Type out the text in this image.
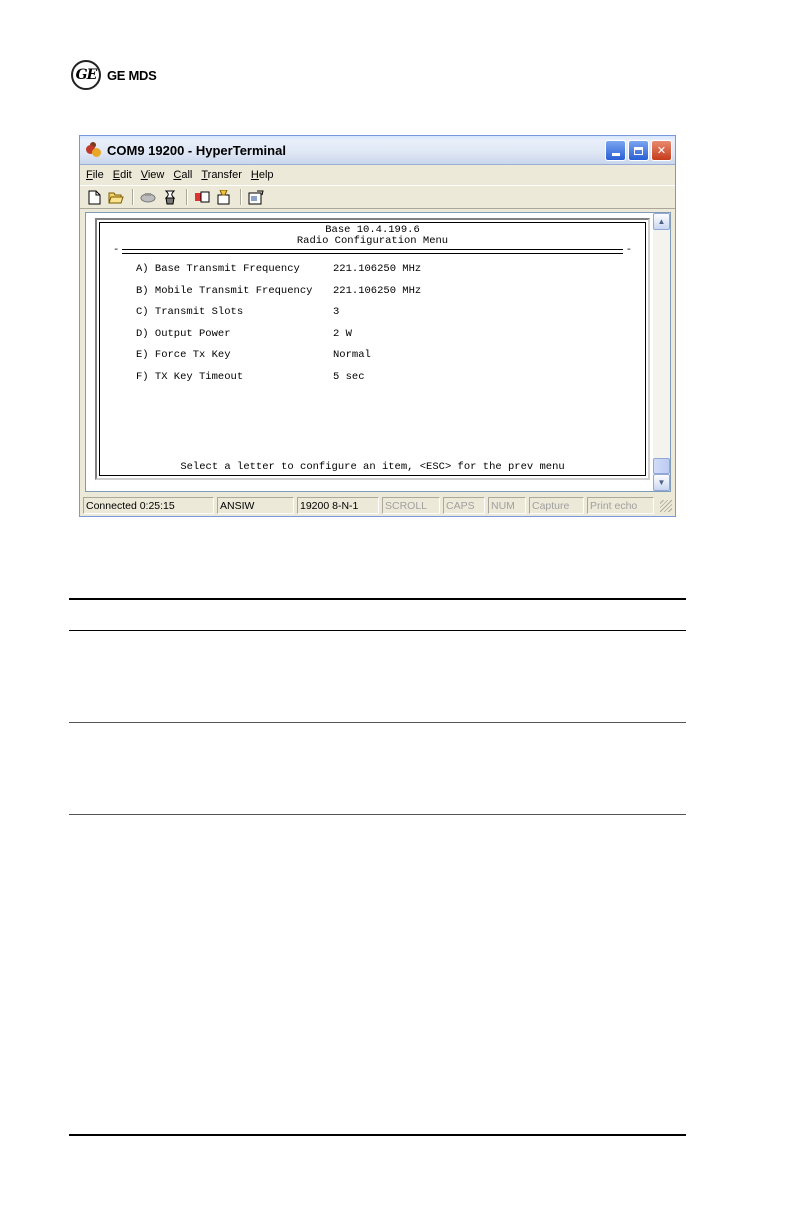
GE GE MDS
COM9 19200 - HyperTerminal	✕
File Edit View Call Transfer Help
Base 10.4.199.6
Radio Configuration Menu
-	-
A) Base Transmit Frequency	221.106250 MHz
B) Mobile Transmit Frequency 221.106250 MHz
C) Transmit Slots	3
D) Output Power	2 W
E) Force Tx Key	Normal
F) TX Key Timeout	5 sec
Select a letter to configure an item, <ESC> for the prev menu
▲
▼
Connected 0:25:15	ANSIW	19200 8-N-1	SCROLL	CAPS	NUM	Capture	Print echo
